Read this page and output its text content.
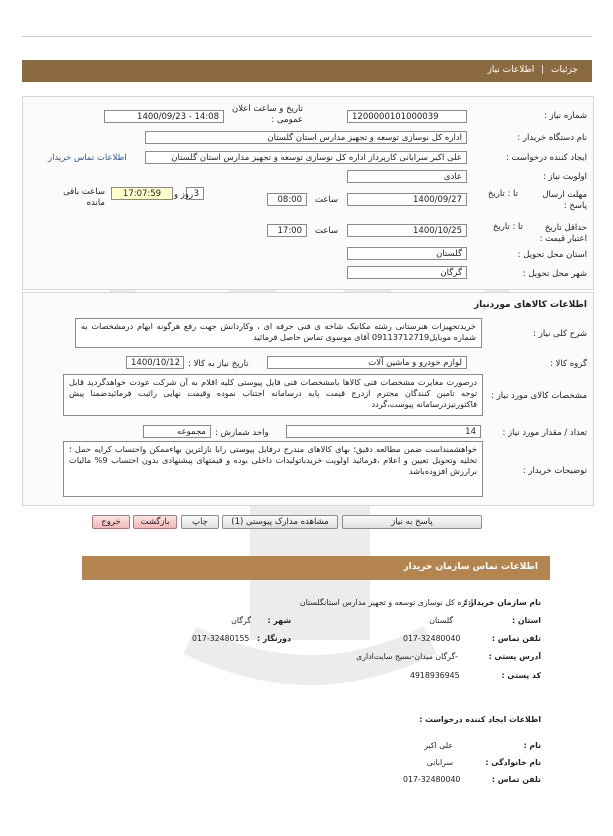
جزئیات | اطلاعات نیاز
شماره نیاز :
1200000101000039
تاریخ و ساعت اعلان عمومی :
1400/09/23 - 14:08
نام دستگاه خریدار :
اداره کل نوسازی توسعه و تجهیز مدارس استان گلستان
ایجاد کننده درخواست :
علی اکبر سرابانی کارپرداز اداره کل نوسازی توسعه و تجهیز مدارس استان گلستان
اطلاعات تماس خریدار
اولویت نیاز :
عادی
مهلت ارسال پاسخ :
تا : تاریخ
1400/09/27
ساعت
08:00
3
روز و
17:07:59
ساعت باقی مانده
حداقل تاریخ اعتبار قیمت :
تا : تاریخ
1400/10/25
ساعت
17:00
استان محل تحویل :
گلستان
شهر محل تحویل :
گرگان
اطلاعات کالاهای موردنیاز
شرح کلی نیاز :
خریدتجهیزات هنرستانی رشته مکانیک شاخه ی فنی حرفه ای ، وکاردانش جهت رفع هرگونه ابهام درمشخصات به شماره موبایل09113712719 آقای موسوی تماس حاصل فرمائید
گروه کالا :
لوازم خودرو و ماشین آلات
تاریخ نیاز به کالا :
1400/10/12
مشخصات کالای مورد نیاز :
درصورت مغایرت مشخصات فنی کالاها بامشخصات فنی فایل پیوستی کلیه اقلام به آن شرکت عودت خواهدگردید قابل توجه تامین کنندگان محترم ازدرج قیمت پایه درسامانه اجتناب نموده وقیمت نهایی راثبت فرمائیدضمنا پیش فاکتورنیزدرسامانه پیوست،گردد
تعداد / مقدار مورد نیاز :
14
واحد شمارش :
مجموعه
توضیحات خریدار :
خواهشمنداست ضمن مطالعه دقیق؛ بهای کالاهای مندرج درفایل پیوستی رابا نازلترین بهاءممکن واحتساب کرایه حمل ؛ تخلیه وتحویل تعیین و اعلام ،فرمائید اولویت خریدباتولیدات داخلی بوده و قیمتهای پیشنهادی بدون احتساب 9% مالیات برارزش افزوده‌باشد
پاسخ به نیاز
مشاهده مدارک پیوستی (1)
چاپ
بازگشت
خروج
اطلاعات تماس سازمان خریدار
نام سازمان خریدار :
اداره کل نوسازی توسعه و تجهیز مدارس استانگلستان
استان :
گلستان
شهر :
گرگان
تلفن تماس :
017-32480040
دورنگار :
017-32480155
آدرس پستی :
-گرگان میدان-بسیج سایت‌اداری
کد پستی :
4918936945
اطلاعات ایجاد کننده درخواست :
نام :
علی اکبر
نام خانوادگی :
سرابانی
تلفن تماس :
017-32480040
